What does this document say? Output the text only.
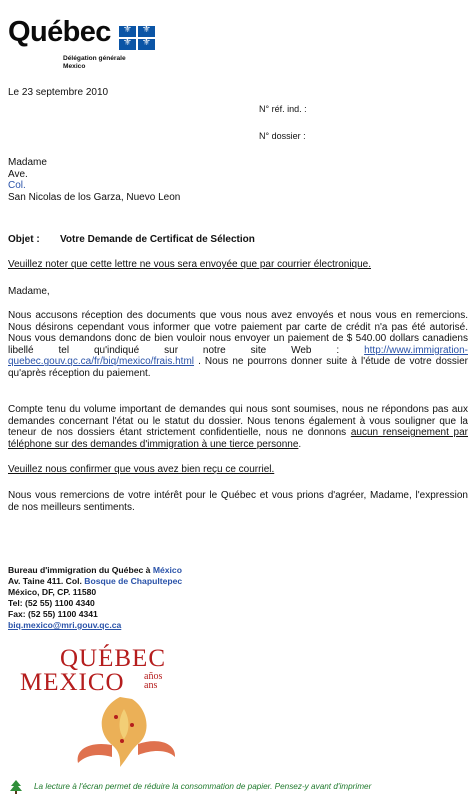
Québec
⚜
⚜
⚜
⚜
Délégation générale
Mexico
Le 23 septembre 2010
N° réf. ind. :
N° dossier :
Madame
Ave.
Col.
San Nicolas de los Garza, Nuevo Leon
Objet : Votre Demande de Certificat de Sélection
Veuillez noter que cette lettre ne vous sera envoyée que par courrier électronique.
Madame,
Nous accusons réception des documents que vous nous avez envoyés et nous vous en remercions. Nous désirons cependant vous informer que votre paiement par carte de crédit n'a pas été autorisé. Nous vous demandons donc de bien vouloir nous envoyer un paiement de $ 540.00 dollars canadiens libellé tel qu'indiqué sur notre site Web : http://www.immigration-quebec.gouv.qc.ca/fr/biq/mexico/frais.html . Nous ne pourrons donner suite à l'étude de votre dossier qu'après réception du paiement.
Compte tenu du volume important de demandes qui nous sont soumises, nous ne répondons pas aux demandes concernant l'état ou le statut du dossier. Nous tenons également à vous souligner que la teneur de nos dossiers étant strictement confidentielle, nous ne donnons aucun renseignement par téléphone sur des demandes d'immigration à une tierce personne.
Veuillez nous confirmer que vous avez bien reçu ce courriel.
Nous vous remercions de votre intérêt pour le Québec et vous prions d'agréer, Madame, l'expression de nos meilleurs sentiments.
Bureau d'immigration du Québec à México
Av. Taine 411. Col. Bosque de Chapultepec
México, DF, CP. 11580
Tel: (52 55) 1100 4340
Fax: (52 55) 1100 4341
biq.mexico@mri.gouv.qc.ca
QUÉBEC
MEXICO años
ans
La lecture à l'écran permet de réduire la consommation de papier. Pensez-y avant d'imprimer
